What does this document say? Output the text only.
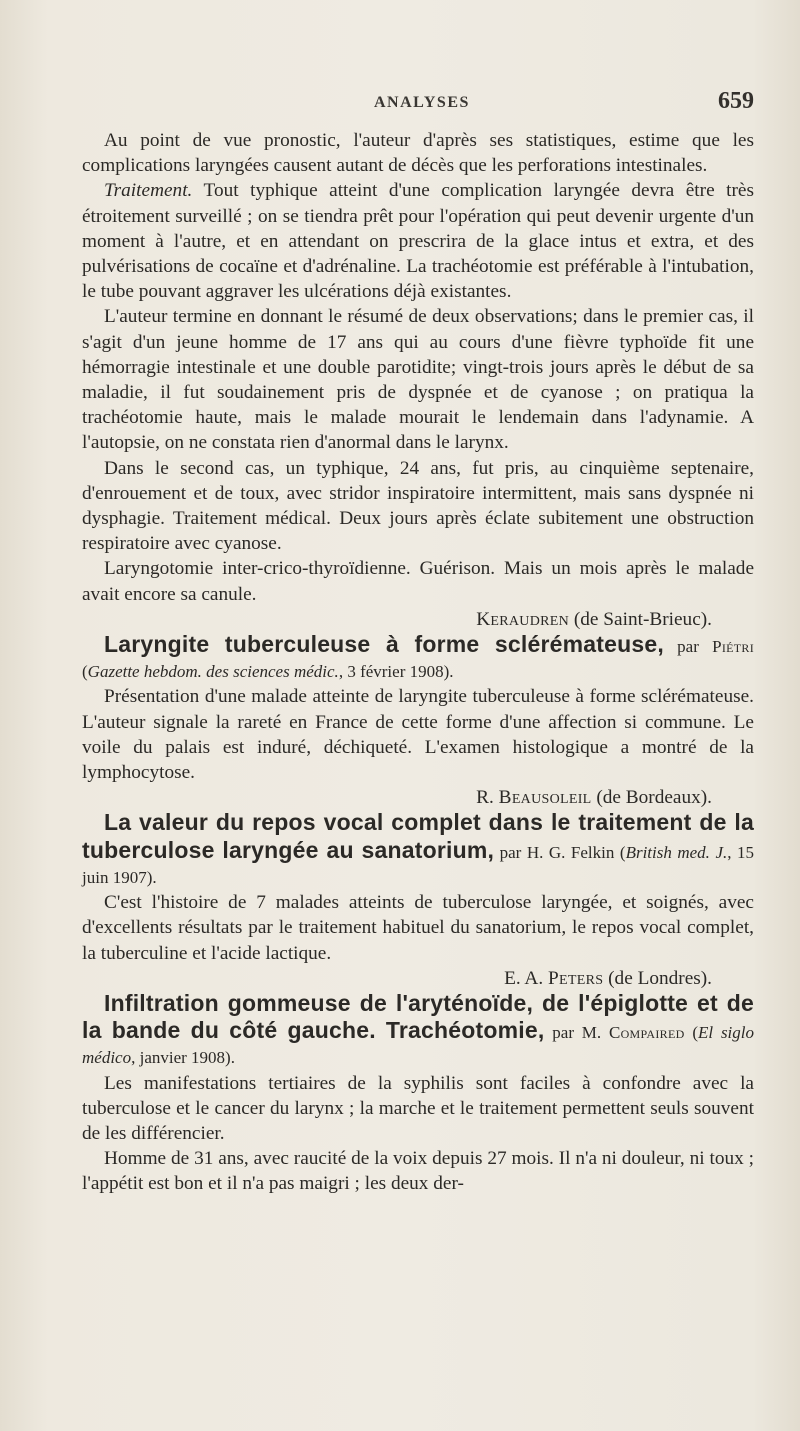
ANALYSES	659

Au point de vue pronostic, l'auteur d'après ses statistiques, estime que les complications laryngées causent autant de décès que les perforations intestinales.

Traitement. Tout typhique atteint d'une complication laryngée devra être très étroitement surveillé ; on se tiendra prêt pour l'opération qui peut devenir urgente d'un moment à l'autre, et en attendant on prescrira de la glace intus et extra, et des pulvérisations de cocaïne et d'adrénaline. La trachéotomie est préférable à l'intubation, le tube pouvant aggraver les ulcérations déjà existantes.

L'auteur termine en donnant le résumé de deux observations; dans le premier cas, il s'agit d'un jeune homme de 17 ans qui au cours d'une fièvre typhoïde fit une hémorragie intestinale et une double parotidite; vingt-trois jours après le début de sa maladie, il fut soudainement pris de dyspnée et de cyanose ; on pratiqua la trachéotomie haute, mais le malade mourait le lendemain dans l'adynamie. A l'autopsie, on ne constata rien d'anormal dans le larynx.

Dans le second cas, un typhique, 24 ans, fut pris, au cinquième septenaire, d'enrouement et de toux, avec stridor inspiratoire intermittent, mais sans dyspnée ni dysphagie. Traitement médical. Deux jours après éclate subitement une obstruction respiratoire avec cyanose.

Laryngotomie inter-crico-thyroïdienne. Guérison. Mais un mois après le malade avait encore sa canule.

Keraudren (de Saint-Brieuc).

Laryngite tuberculeuse à forme sclérémateuse, par Piétri (Gazette hebdom. des sciences médic., 3 février 1908).

Présentation d'une malade atteinte de laryngite tuberculeuse à forme sclérémateuse. L'auteur signale la rareté en France de cette forme d'une affection si commune. Le voile du palais est induré, déchiqueté. L'examen histologique a montré de la lymphocytose.

R. Beausoleil (de Bordeaux).

La valeur du repos vocal complet dans le traitement de la tuberculose laryngée au sanatorium, par H. G. Felkin (British med. J., 15 juin 1907).

C'est l'histoire de 7 malades atteints de tuberculose laryngée, et soignés, avec d'excellents résultats par le traitement habituel du sanatorium, le repos vocal complet, la tuberculine et l'acide lactique.

E. A. Peters (de Londres).

Infiltration gommeuse de l'aryténoïde, de l'épiglotte et de la bande du côté gauche. Trachéotomie, par M. Compaired (El siglo médico, janvier 1908).

Les manifestations tertiaires de la syphilis sont faciles à confondre avec la tuberculose et le cancer du larynx ; la marche et le traitement permettent seuls souvent de les différencier.

Homme de 31 ans, avec raucité de la voix depuis 27 mois. Il n'a ni douleur, ni toux ; l'appétit est bon et il n'a pas maigri ; les deux der-
